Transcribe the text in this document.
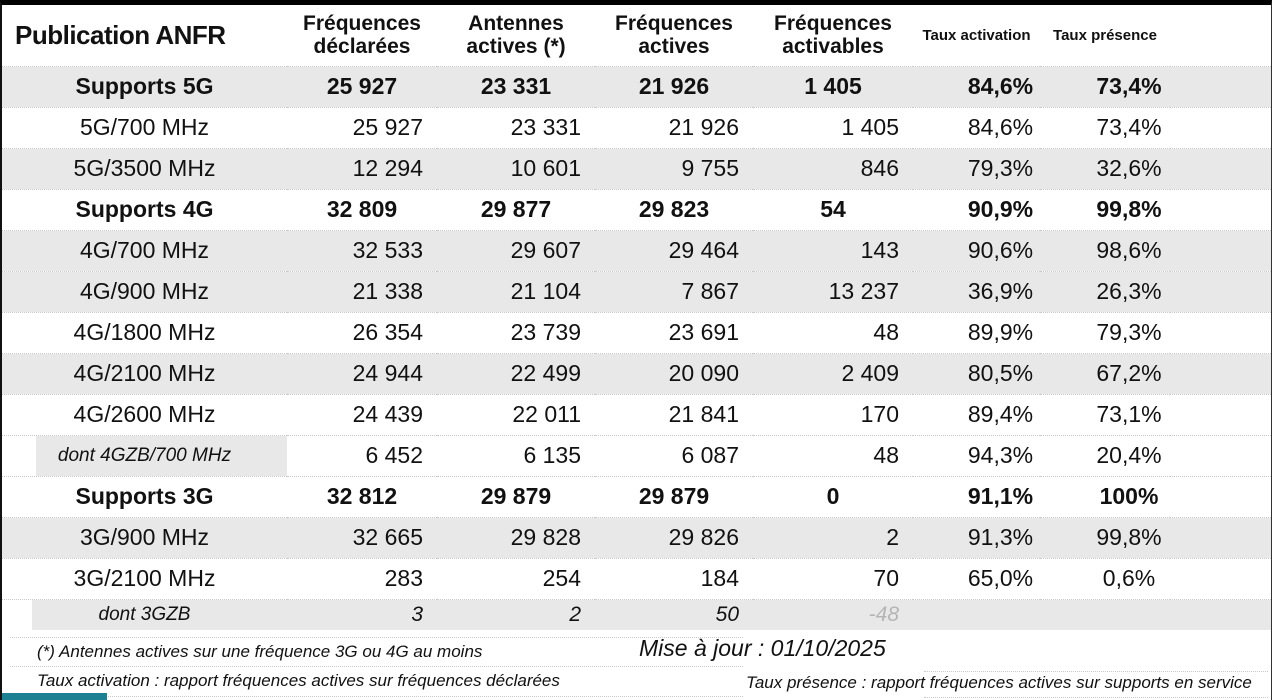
Publication ANFR	Fréquences déclarées	Antennes actives (*)	Fréquences actives	Fréquences activables	Taux activation	Taux présence	
Supports 5G	25 927	23 331	21 926	1 405	84,6%	73,4%	
5G/700 MHz	25 927	23 331	21 926	1 405	84,6%	73,4%	
5G/3500 MHz	12 294	10 601	9 755	846	79,3%	32,6%	
Supports 4G	32 809	29 877	29 823	54	90,9%	99,8%	
4G/700 MHz	32 533	29 607	29 464	143	90,6%	98,6%	
4G/900 MHz	21 338	21 104	7 867	13 237	36,9%	26,3%	
4G/1800 MHz	26 354	23 739	23 691	48	89,9%	79,3%	
4G/2100 MHz	24 944	22 499	20 090	2 409	80,5%	67,2%	
4G/2600 MHz	24 439	22 011	21 841	170	89,4%	73,1%	
dont 4GZB/700 MHz	6 452	6 135	6 087	48	94,3%	20,4%	
Supports 3G	32 812	29 879	29 879	0	91,1%	100%	
3G/900 MHz	32 665	29 828	29 826	2	91,3%	99,8%	
3G/2100 MHz	283	254	184	70	65,0%	0,6%	
dont 3GZB	3	2	50	-48			
(*) Antennes actives sur une fréquence 3G ou 4G au moins
Taux activation : rapport fréquences actives sur fréquences déclarées
Mise à jour : 01/10/2025
Taux présence : rapport fréquences actives sur supports en service
